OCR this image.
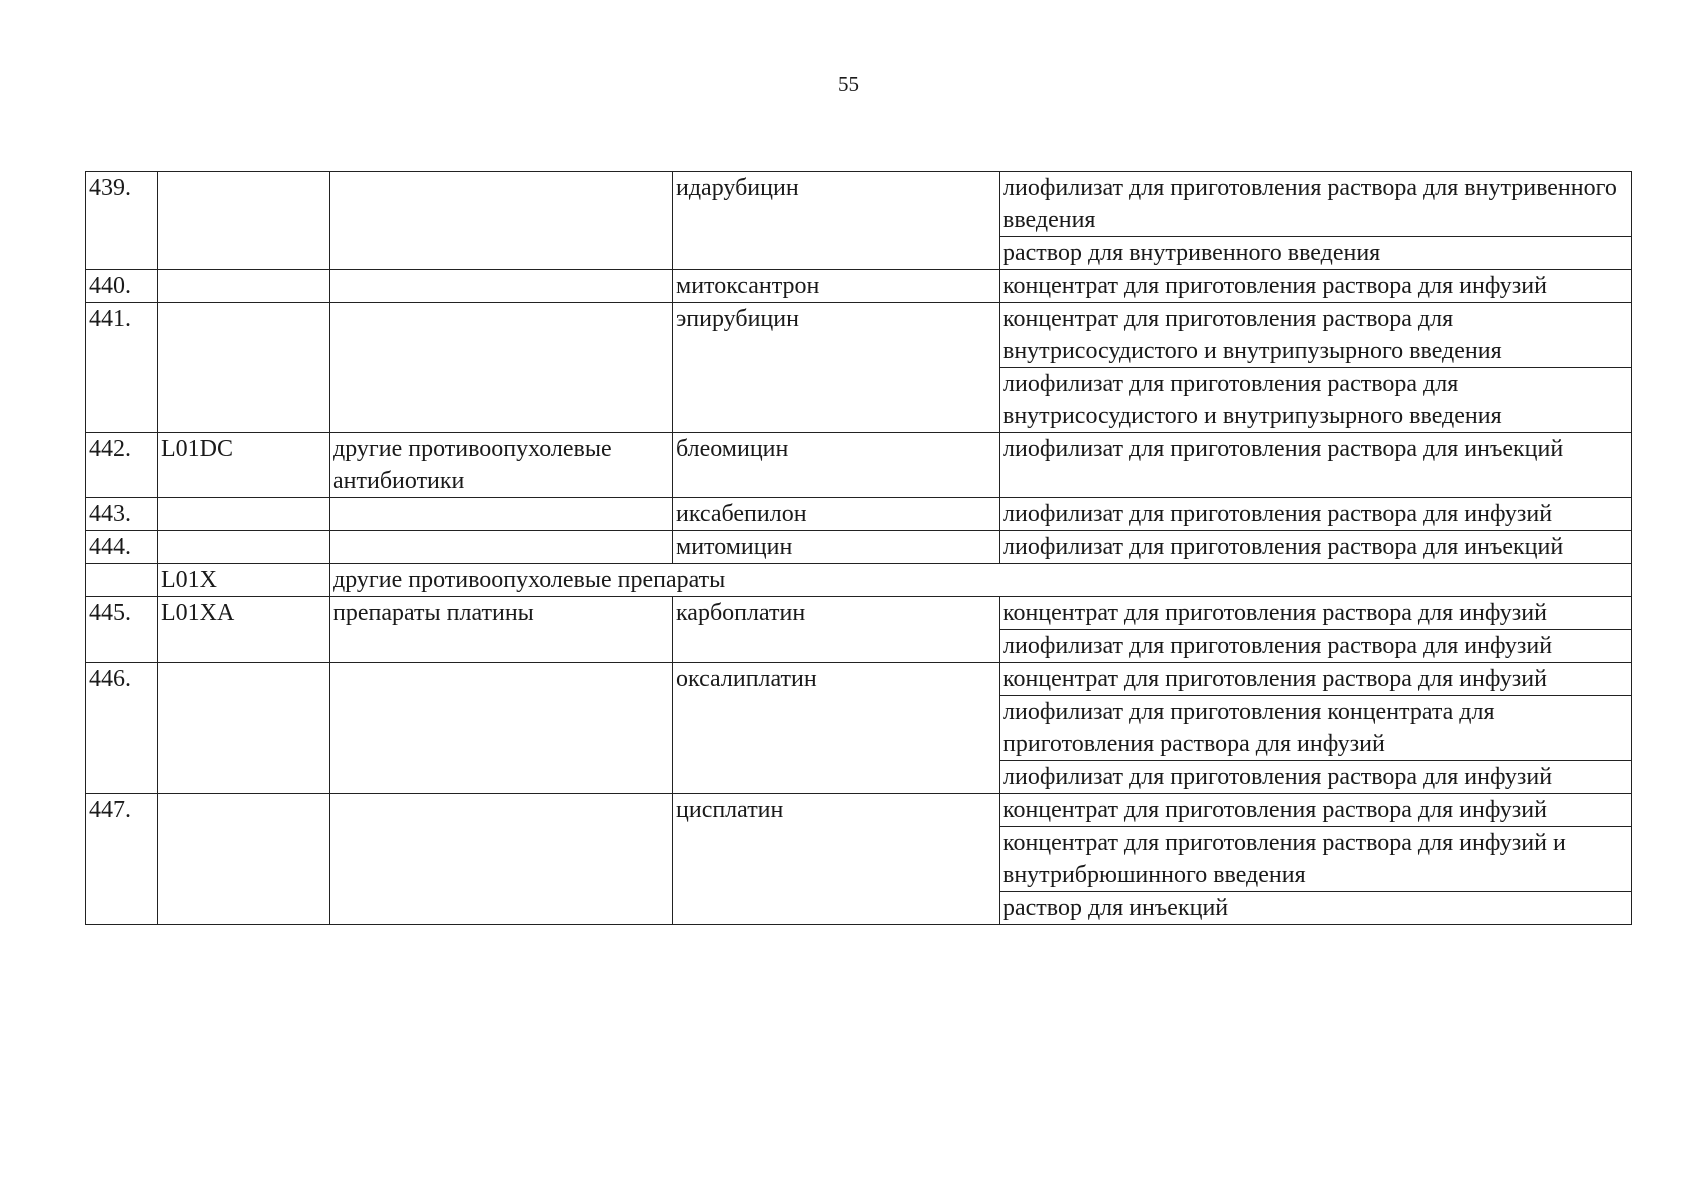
55
439.			идарубицин	лиофилизат для приготовления раствора для внутривенного введения
				раствор для внутривенного введения
440.			митоксантрон	концентрат для приготовления раствора для инфузий
441.			эпирубицин	концентрат для приготовления раствора для внутрисосудистого и внутрипузырного введения
				лиофилизат для приготовления раствора для внутрисосудистого и внутрипузырного введения
442.	L01DC	другие противоопухолевые антибиотики	блеомицин	лиофилизат для приготовления раствора для инъекций
443.			иксабепилон	лиофилизат для приготовления раствора для инфузий
444.			митомицин	лиофилизат для приготовления раствора для инъекций
	L01X	другие противоопухолевые препараты		
445.	L01XA	препараты платины	карбоплатин	концентрат для приготовления раствора для инфузий
				лиофилизат для приготовления раствора для инфузий
446.			оксалиплатин	концентрат для приготовления раствора для инфузий
				лиофилизат для приготовления концентрата для приготовления раствора для инфузий
				лиофилизат для приготовления раствора для инфузий
447.			цисплатин	концентрат для приготовления раствора для инфузий
				концентрат для приготовления раствора для инфузий и внутрибрюшинного введения
				раствор для инъекций
